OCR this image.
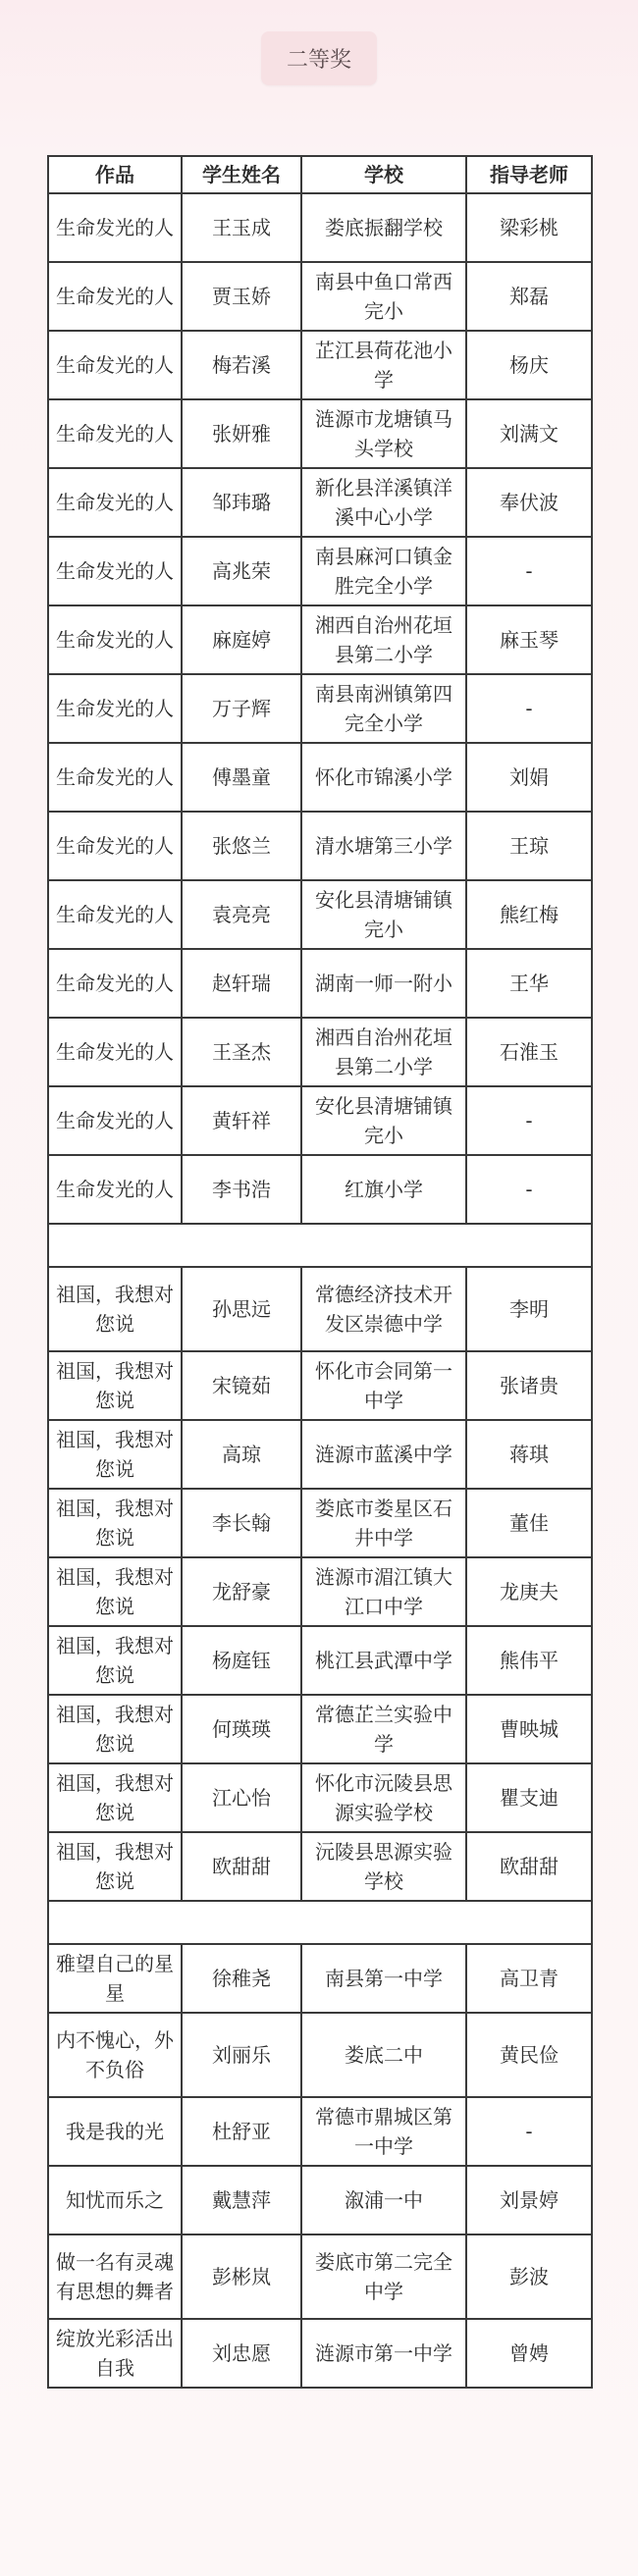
二等奖
作品	学生姓名	学校	指导老师
生命发光的人	王玉成	娄底振翻学校	梁彩桃
生命发光的人	贾玉娇	南县中鱼口常西完小	郑磊
生命发光的人	梅若溪	芷江县荷花池小学	杨庆
生命发光的人	张妍雅	涟源市龙塘镇马头学校	刘满文
生命发光的人	邹玮璐	新化县洋溪镇洋溪中心小学	奉伏波
生命发光的人	高兆荣	南县麻河口镇金胜完全小学	-
生命发光的人	麻庭婷	湘西自治州花垣县第二小学	麻玉琴
生命发光的人	万子辉	南县南洲镇第四完全小学	-
生命发光的人	傅墨童	怀化市锦溪小学	刘娟
生命发光的人	张悠兰	清水塘第三小学	王琼
生命发光的人	袁亮亮	安化县清塘铺镇完小	熊红梅
生命发光的人	赵轩瑞	湖南一师一附小	王华
生命发光的人	王圣杰	湘西自治州花垣县第二小学	石淮玉
生命发光的人	黄轩祥	安化县清塘铺镇完小	-
生命发光的人	李书浩	红旗小学	-

祖国，我想对您说	孙思远	常德经济技术开发区崇德中学	李明
祖国，我想对您说	宋镜茹	怀化市会同第一中学	张诸贵
祖国，我想对您说	高琼	涟源市蓝溪中学	蒋琪
祖国，我想对您说	李长翰	娄底市娄星区石井中学	董佳
祖国，我想对您说	龙舒豪	涟源市湄江镇大江口中学	龙庚夫
祖国，我想对您说	杨庭钰	桃江县武潭中学	熊伟平
祖国，我想对您说	何瑛瑛	常德芷兰实验中学	曹映城
祖国，我想对您说	江心怡	怀化市沅陵县思源实验学校	瞿支迪
祖国，我想对您说	欧甜甜	沅陵县思源实验学校	欧甜甜

雅望自己的星星	徐稚尧	南县第一中学	高卫青
内不愧心，外不负俗	刘丽乐	娄底二中	黄民俭
我是我的光	杜舒亚	常德市鼎城区第一中学	-
知忧而乐之	戴慧萍	溆浦一中	刘景婷
做一名有灵魂有思想的舞者	彭彬岚	娄底市第二完全中学	彭波
绽放光彩活出自我	刘忠愿	涟源市第一中学	曾娉
